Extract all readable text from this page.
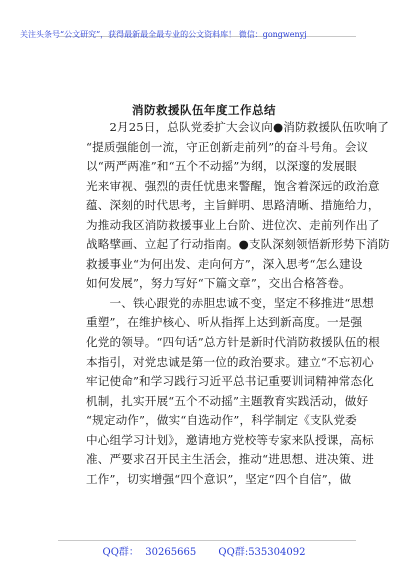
关注头条号“公文研究”，获得最新最全最专业的公文资料库！ 微信：gongwenyj
消防救援队伍年度工作总结
　　2月25日，总队党委扩大会议向●消防救援队伍吹响了
“提质强能创一流，守正创新走前列”的奋斗号角。会议
以“两严两准”和“五个不动摇”为纲，以深邃的发展眼
光来审视、强烈的责任忧患来警醒，饱含着深远的政治意
蕴、深刻的时代思考，主旨鲜明、思路清晰、措施给力，
为推动我区消防救援事业上台阶、进位次、走前列作出了
战略擘画、立起了行动指南。●支队深刻领悟新形势下消防
救援事业“为何出发、走向何方”，深入思考“怎么建设
如何发展”，努力写好“下篇文章”，交出合格答卷。
　　一、铁心跟党的赤胆忠诚不变，坚定不移推进“思想
重塑”，在维护核心、听从指挥上达到新高度。一是强
化党的领导。“四句话”总方针是新时代消防救援队伍的根
本指引，对党忠诚是第一位的政治要求。建立“不忘初心
牢记使命”和学习践行习近平总书记重要训词精神常态化
机制，扎实开展“五个不动摇”主题教育实践活动，做好
“规定动作”，做实“自选动作”，科学制定《支队党委
中心组学习计划》，邀请地方党校等专家来队授课，高标
准、严要求召开民主生活会，推动“进思想、进决策、进
工作”，切实增强“四个意识”，坚定“四个自信”，做
QQ群：  30265665       QQ群:535304092
